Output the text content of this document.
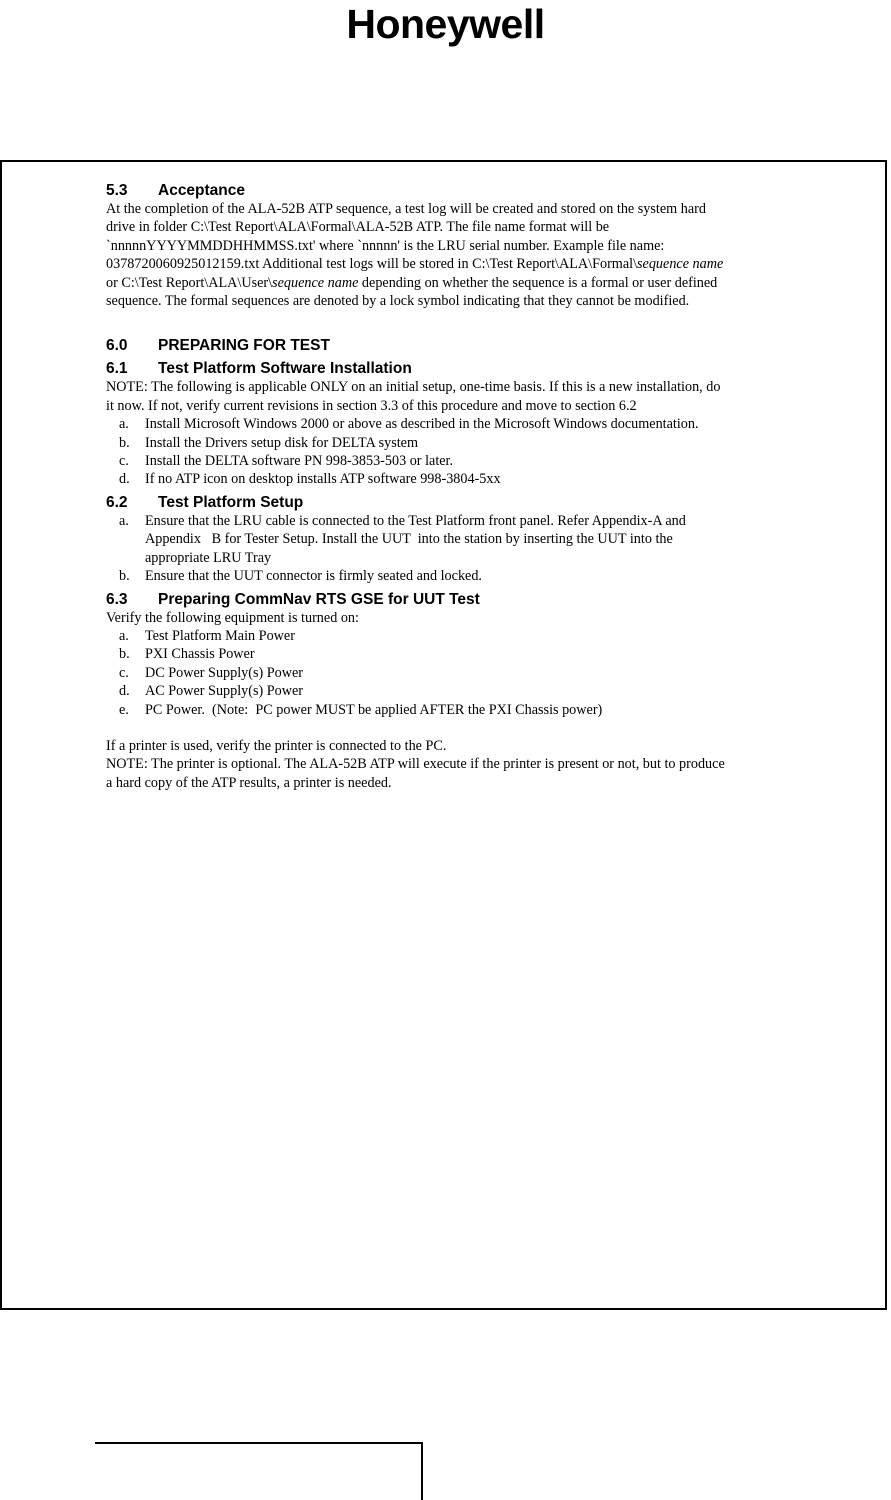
Honeywell
5.3	Acceptance
At the completion of the ALA-52B ATP sequence, a test log will be created and stored on the system hard
drive in folder C:\Test Report\ALA\Formal\ALA-52B ATP. The file name format will be
`nnnnnYYYYMMDDHHMMSS.txt' where `nnnnn' is the LRU serial number. Example file name:
0378720060925012159.txt Additional test logs will be stored in C:\Test Report\ALA\Formal\sequence name
or C:\Test Report\ALA\User\sequence name depending on whether the sequence is a formal or user defined
sequence. The formal sequences are denoted by a lock symbol indicating that they cannot be modified.
6.0	PREPARING FOR TEST
6.1	Test Platform Software Installation
NOTE: The following is applicable ONLY on an initial setup, one-time basis. If this is a new installation, do
it now. If not, verify current revisions in section 3.3 of this procedure and move to section 6.2
a.	Install Microsoft Windows 2000 or above as described in the Microsoft Windows documentation.
b.	Install the Drivers setup disk for DELTA system
c.	Install the DELTA software PN 998-3853-503 or later.
d.	If no ATP icon on desktop installs ATP software 998-3804-5xx
6.2	Test Platform Setup
a.	Ensure that the LRU cable is connected to the Test Platform front panel. Refer Appendix-A and
Appendix   B for Tester Setup. Install the UUT  into the station by inserting the UUT into the
appropriate LRU Tray
b.	Ensure that the UUT connector is firmly seated and locked.
6.3	Preparing CommNav RTS GSE for UUT Test
Verify the following equipment is turned on:
a.	Test Platform Main Power
b.	PXI Chassis Power
c.	DC Power Supply(s) Power
d.	AC Power Supply(s) Power
e.	PC Power.  (Note:  PC power MUST be applied AFTER the PXI Chassis power)
If a printer is used, verify the printer is connected to the PC.
NOTE: The printer is optional. The ALA-52B ATP will execute if the printer is present or not, but to produce
a hard copy of the ATP results, a printer is needed.
